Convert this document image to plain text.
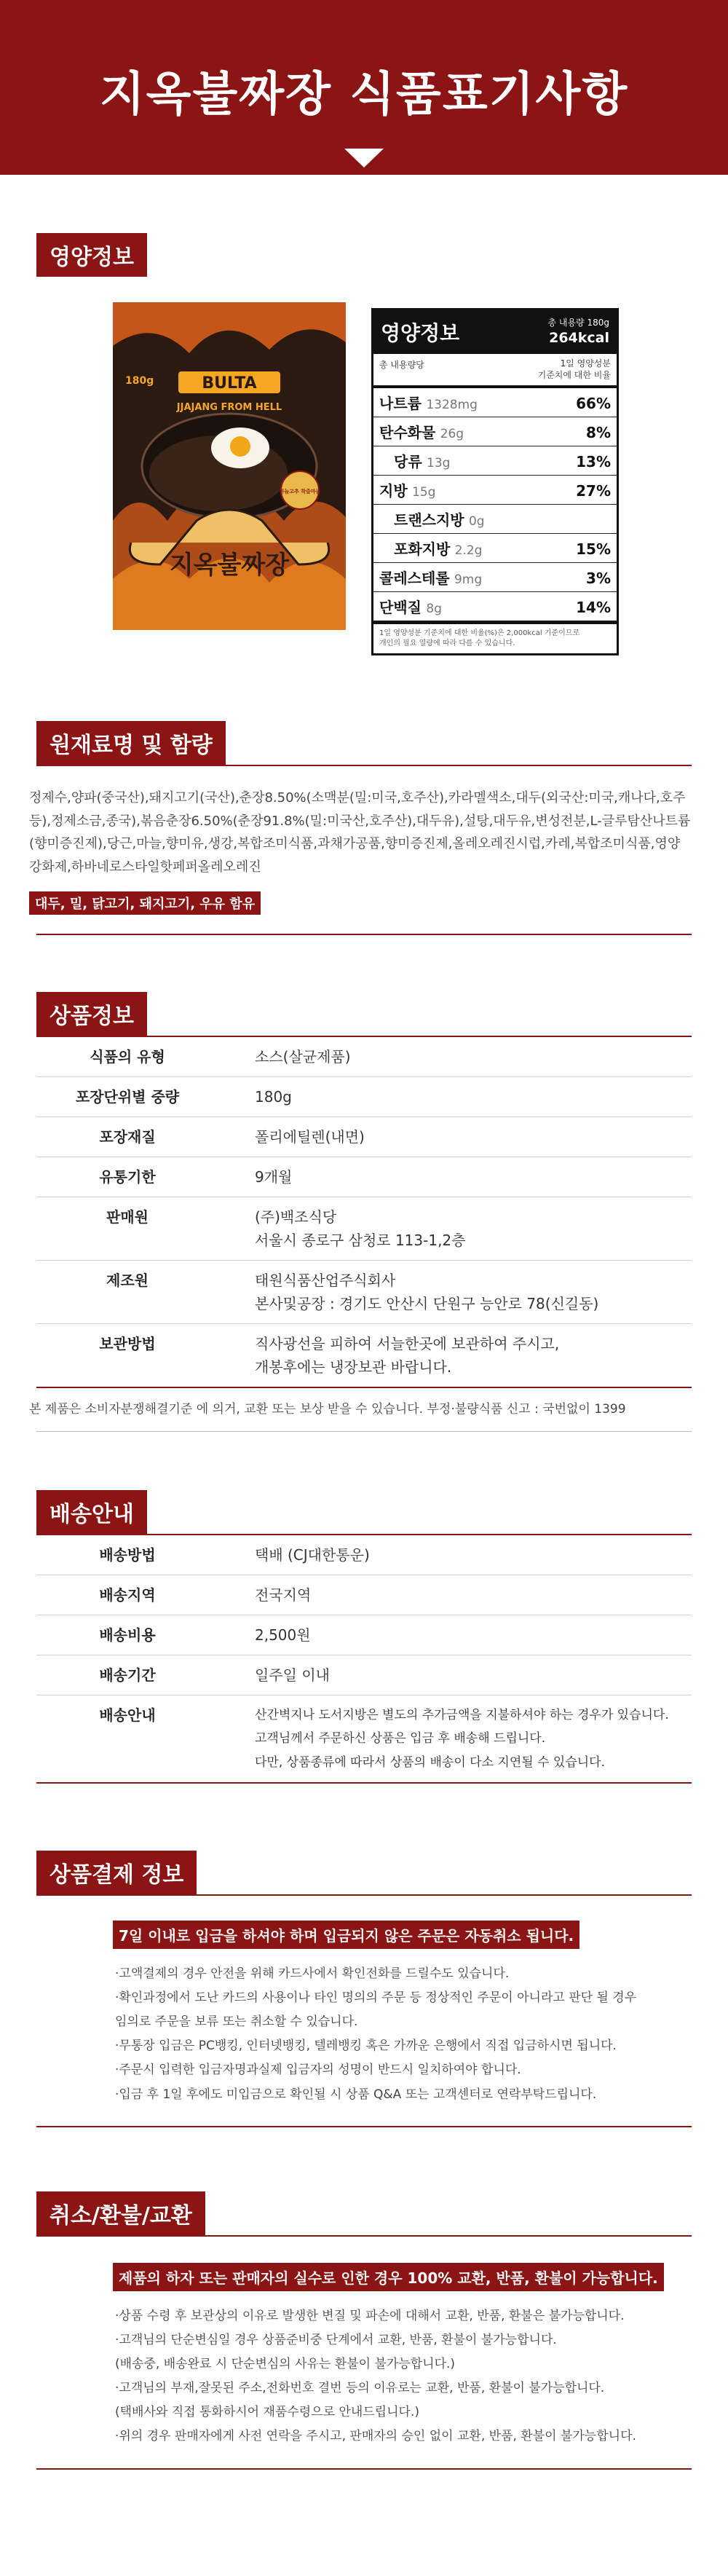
지옥불짜장 식품표기사항
영양정보
180g	BULTA
JJAJANG FROM HELL
마늘고추 착즙마늘
지옥불짜장
영양정보	총 내용량 180g
264kcal
총 내용량당	1일 영양성분
기준치에 대한 비율
나트륨 1328mg	66%
탄수화물 26g	8%
당류 13g	13%
지방 15g	27%
트랜스지방 0g
포화지방 2.2g	15%
콜레스테롤 9mg	3%
단백질 8g	14%
1일 영양성분 기준치에 대한 비율(%)은 2,000kcal 기준이므로
개인의 필요 열량에 따라 다를 수 있습니다.
원재료명 및 함량
정제수,양파(중국산),돼지고기(국산),춘장8.50%(소맥분(밀:미국,호주산),카라멜색소,대두(외국산:미국,캐나다,호주등),정제소금,종국),볶음춘장6.50%(춘장91.8%(밀:미국산,호주산),대두유),설탕,대두유,변성전분,L-글루탐산나트륨(향미증진제),당근,마늘,향미유,생강,복합조미식품,과채가공품,향미증진제,올레오레진시럽,카레,복합조미식품,영양강화제,하바네로스타일핫페퍼올레오레진
대두, 밀, 닭고기, 돼지고기, 우유 함유
상품정보
식품의 유형	소스(살균제품)

포장단위별 중량	180g

포장재질	폴리에틸렌(내면)

유통기한	9개월

판매원	(주)백조식당
서울시 종로구 삼청로 113-1,2층

제조원	태원식품산업주식회사
본사및공장 : 경기도 안산시 단원구 능안로 78(신길동)

보관방법	직사광선을 피하여 서늘한곳에 보관하여 주시고,
개봉후에는 냉장보관 바랍니다.
본 제품은 소비자분쟁해결기준 에 의거, 교환 또는 보상 받을 수 있습니다. 부정·불량식품 신고 : 국번없이 1399
배송안내
배송방법	택배 (CJ대한통운)
배송지역	전국지역
배송비용	2,500원
배송기간	일주일 이내
배송안내	산간벽지나 도서지방은 별도의 추가금액을 지불하셔야 하는 경우가 있습니다.
고객님께서 주문하신 상품은 입금 후 배송해 드립니다.
다만, 상품종류에 따라서 상품의 배송이 다소 지연될 수 있습니다.
상품결제 정보
7일 이내로 입금을 하셔야 하며 입금되지 않은 주문은 자동취소 됩니다.
·고액결제의 경우 안전을 위해 카드사에서 확인전화를 드릴수도 있습니다.
·확인과정에서 도난 카드의 사용이나 타인 명의의 주문 등 정상적인 주문이 아니라고 판단 될 경우
임의로 주문을 보류 또는 취소할 수 있습니다.
·무통장 입금은 PC뱅킹, 인터넷뱅킹, 텔레뱅킹 혹은 가까운 은행에서 직접 입금하시면 됩니다.
·주문시 입력한 입금자명과실제 입금자의 성명이 반드시 일치하여야 합니다.
·입금 후 1일 후에도 미입금으로 확인될 시 상품 Q&A 또는 고객센터로 연락부탁드립니다.
취소/환불/교환
제품의 하자 또는 판매자의 실수로 인한 경우 100% 교환, 반품, 환불이 가능합니다.
·상품 수령 후 보관상의 이유로 발생한 변질 및 파손에 대해서 교환, 반품, 환불은 불가능합니다.
·고객님의 단순변심일 경우 상품준비중 단계에서 교환, 반품, 환불이 불가능합니다.
(배송중, 배송완료 시 단순변심의 사유는 환불이 불가능합니다.)
·고객님의 부재,잘못된 주소,전화번호 결번 등의 이유로는 교환, 반품, 환불이 불가능합니다.
(택배사와 직접 통화하시어 재품수령으로 안내드립니다.)
·위의 경우 판매자에게 사전 연락을 주시고, 판매자의 승인 없이 교환, 반품, 환불이 불가능합니다.
